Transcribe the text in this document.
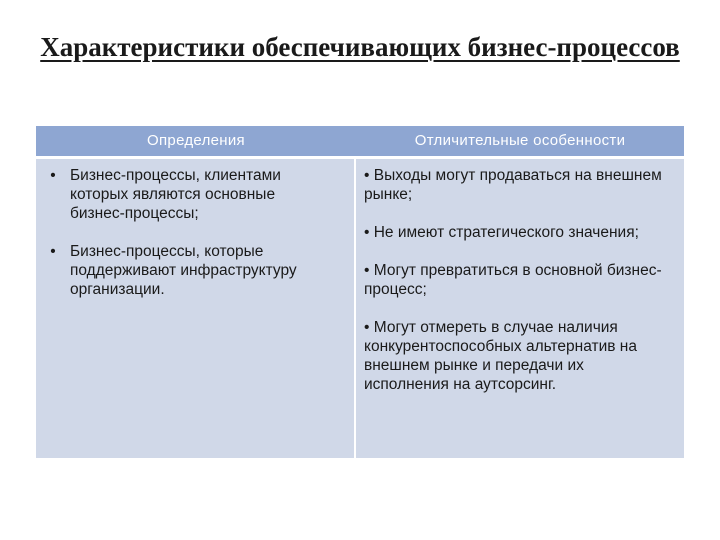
Характеристики обеспечивающих бизнес-процессов
Определения	Отличительные особенности
• Бизнес-процессы, клиентами которых являются основные бизнес-процессы;
• Бизнес-процессы, которые поддерживают инфраструктуру организации.
• Выходы могут продаваться на внешнем рынке;
• Не имеют стратегического значения;
• Могут превратиться в основной бизнес-процесс;
• Могут отмереть в случае наличия конкурентоспособных альтернатив на внешнем рынке и передачи их исполнения на аутсорсинг.
